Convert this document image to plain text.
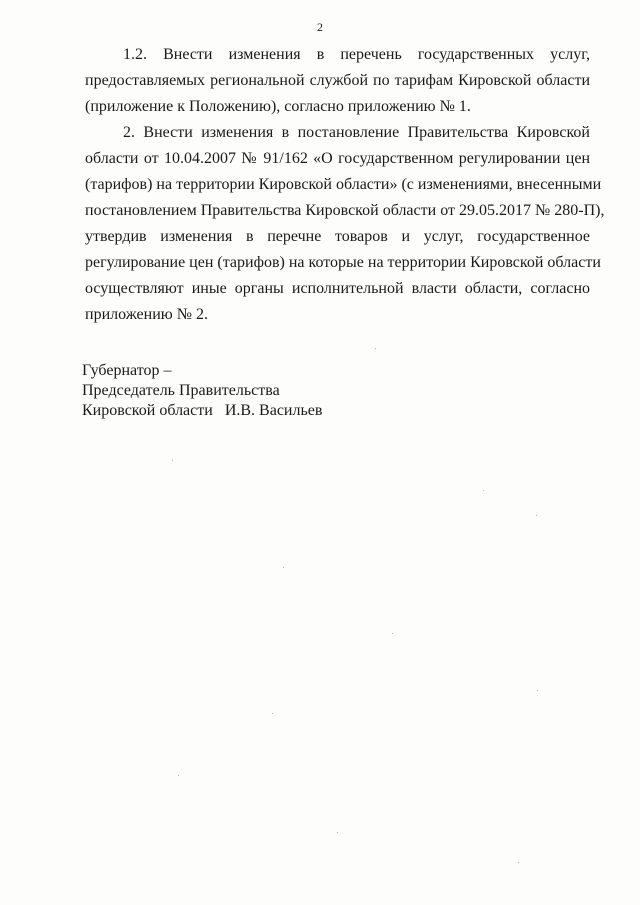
2
1.2. Внести изменения в перечень государственных услуг,
предоставляемых региональной службой по тарифам Кировской области
(приложение к Положению), согласно приложению № 1.
2. Внести изменения в постановление Правительства Кировской
области от 10.04.2007 № 91/162 «О государственном регулировании цен
(тарифов) на территории Кировской области» (с изменениями, внесенными
постановлением Правительства Кировской области от 29.05.2017 № 280-П),
утвердив изменения в перечне товаров и услуг, государственное
регулирование цен (тарифов) на которые на территории Кировской области
осуществляют иные органы исполнительной власти области, согласно
приложению № 2.
Губернатор –
Председатель Правительства
Кировской области И.В. Васильев
